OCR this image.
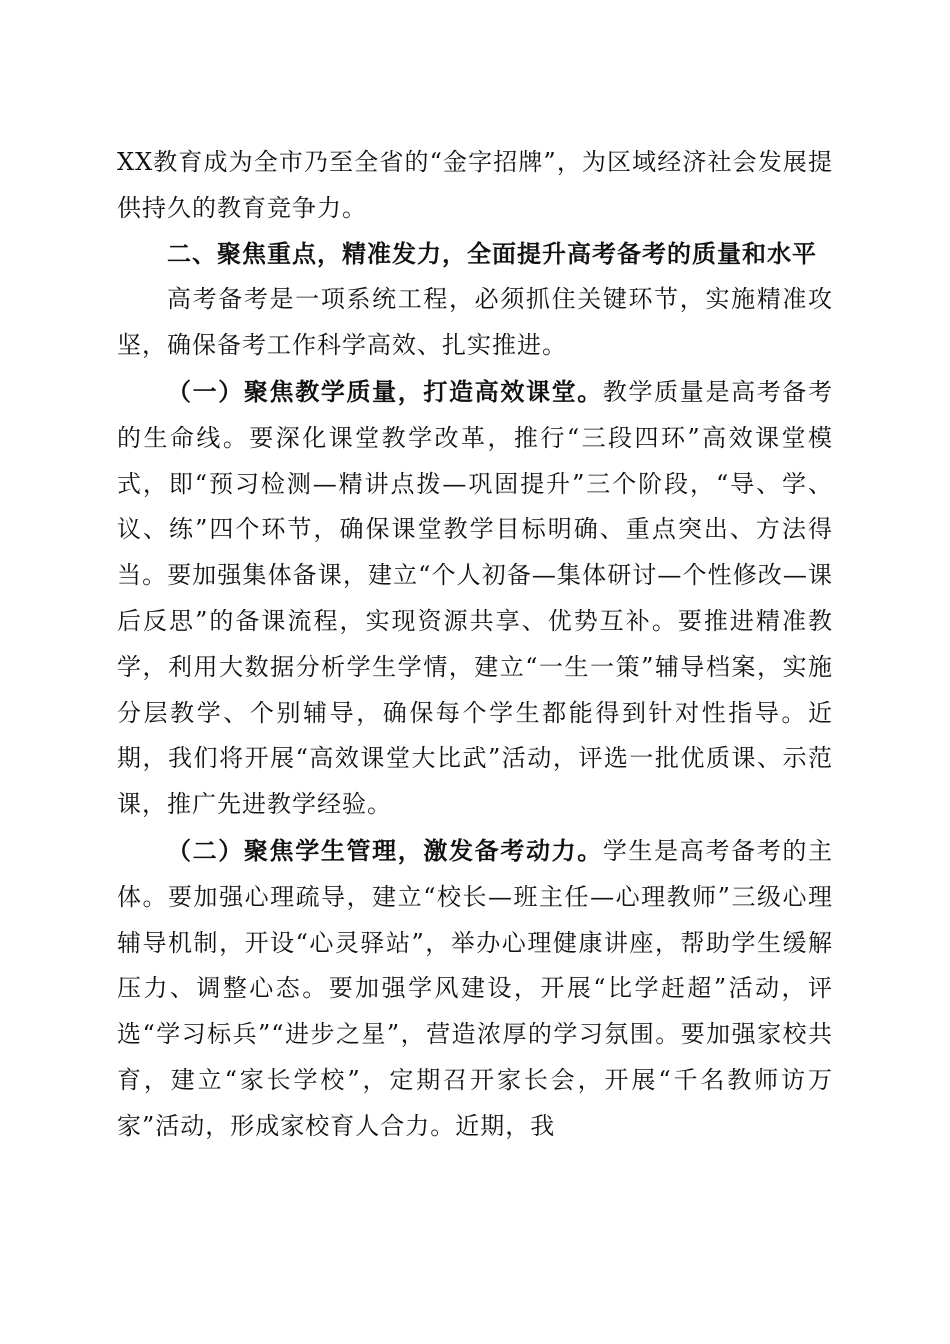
XX教育成为全市乃至全省的“金字招牌”，为区域经济社会发展提供持久的教育竞争力。

二、聚焦重点，精准发力，全面提升高考备考的质量和水平

高考备考是一项系统工程，必须抓住关键环节，实施精准攻坚，确保备考工作科学高效、扎实推进。

（一）聚焦教学质量，打造高效课堂。教学质量是高考备考的生命线。要深化课堂教学改革，推行“三段四环”高效课堂模式，即“预习检测—精讲点拨—巩固提升”三个阶段，“导、学、议、练”四个环节，确保课堂教学目标明确、重点突出、方法得当。要加强集体备课，建立“个人初备—集体研讨—个性修改—课后反思”的备课流程，实现资源共享、优势互补。要推进精准教学，利用大数据分析学生学情，建立“一生一策”辅导档案，实施分层教学、个别辅导，确保每个学生都能得到针对性指导。近期，我们将开展“高效课堂大比武”活动，评选一批优质课、示范课，推广先进教学经验。

（二）聚焦学生管理，激发备考动力。学生是高考备考的主体。要加强心理疏导，建立“校长—班主任—心理教师”三级心理辅导机制，开设“心灵驿站”，举办心理健康讲座，帮助学生缓解压力、调整心态。要加强学风建设，开展“比学赶超”活动，评选“学习标兵”“进步之星”，营造浓厚的学习氛围。要加强家校共育，建立“家长学校”，定期召开家长会，开展“千名教师访万家”活动，形成家校育人合力。近期，我
